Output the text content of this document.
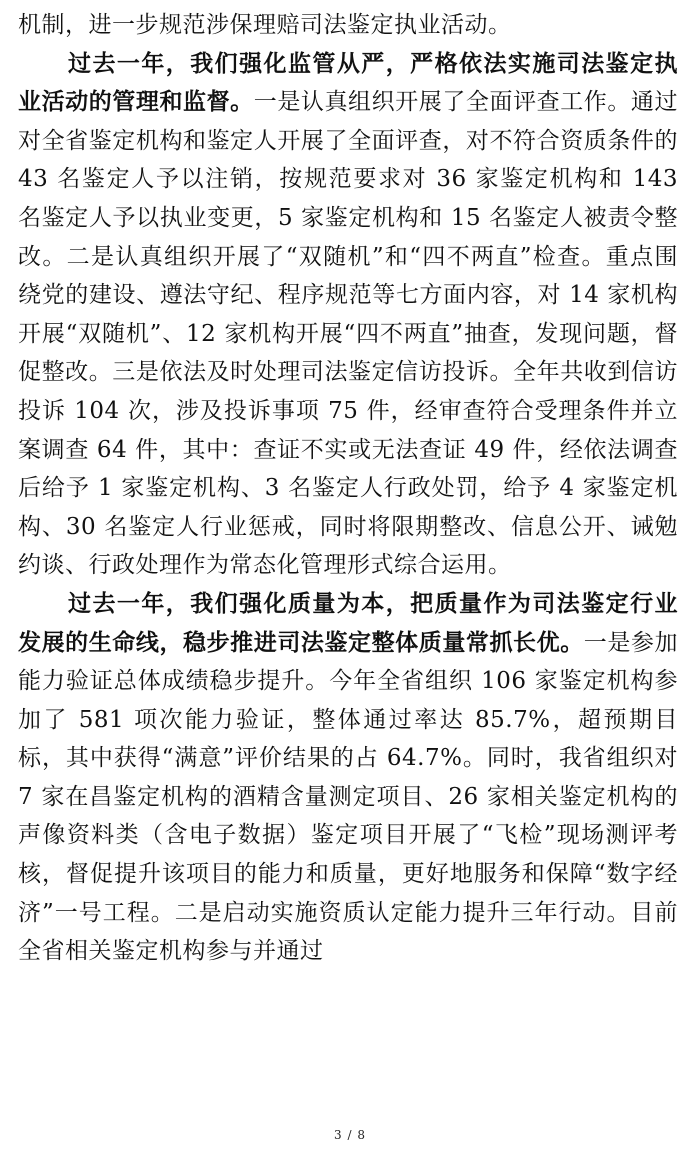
机制，进一步规范涉保理赔司法鉴定执业活动。

过去一年，我们强化监管从严，严格依法实施司法鉴定执业活动的管理和监督。一是认真组织开展了全面评查工作。通过对全省鉴定机构和鉴定人开展了全面评查，对不符合资质条件的 43 名鉴定人予以注销，按规范要求对 36 家鉴定机构和 143 名鉴定人予以执业变更，5 家鉴定机构和 15 名鉴定人被责令整改。二是认真组织开展了“双随机”和“四不两直”检查。重点围绕党的建设、遵法守纪、程序规范等七方面内容，对 14 家机构开展“双随机”、12 家机构开展“四不两直”抽查，发现问题，督促整改。三是依法及时处理司法鉴定信访投诉。全年共收到信访投诉 104 次，涉及投诉事项 75 件，经审查符合受理条件并立案调查 64 件，其中：查证不实或无法查证 49 件，经依法调查后给予 1 家鉴定机构、3 名鉴定人行政处罚，给予 4 家鉴定机构、30 名鉴定人行业惩戒，同时将限期整改、信息公开、诫勉约谈、行政处理作为常态化管理形式综合运用。

过去一年，我们强化质量为本，把质量作为司法鉴定行业发展的生命线，稳步推进司法鉴定整体质量常抓长优。一是参加能力验证总体成绩稳步提升。今年全省组织 106 家鉴定机构参加了 581 项次能力验证，整体通过率达 85.7%，超预期目标，其中获得“满意”评价结果的占 64.7%。同时，我省组织对 7 家在昌鉴定机构的酒精含量测定项目、26 家相关鉴定机构的声像资料类（含电子数据）鉴定项目开展了“飞检”现场测评考核，督促提升该项目的能力和质量，更好地服务和保障“数字经济”一号工程。二是启动实施资质认定能力提升三年行动。目前全省相关鉴定机构参与并通过

3 / 8
